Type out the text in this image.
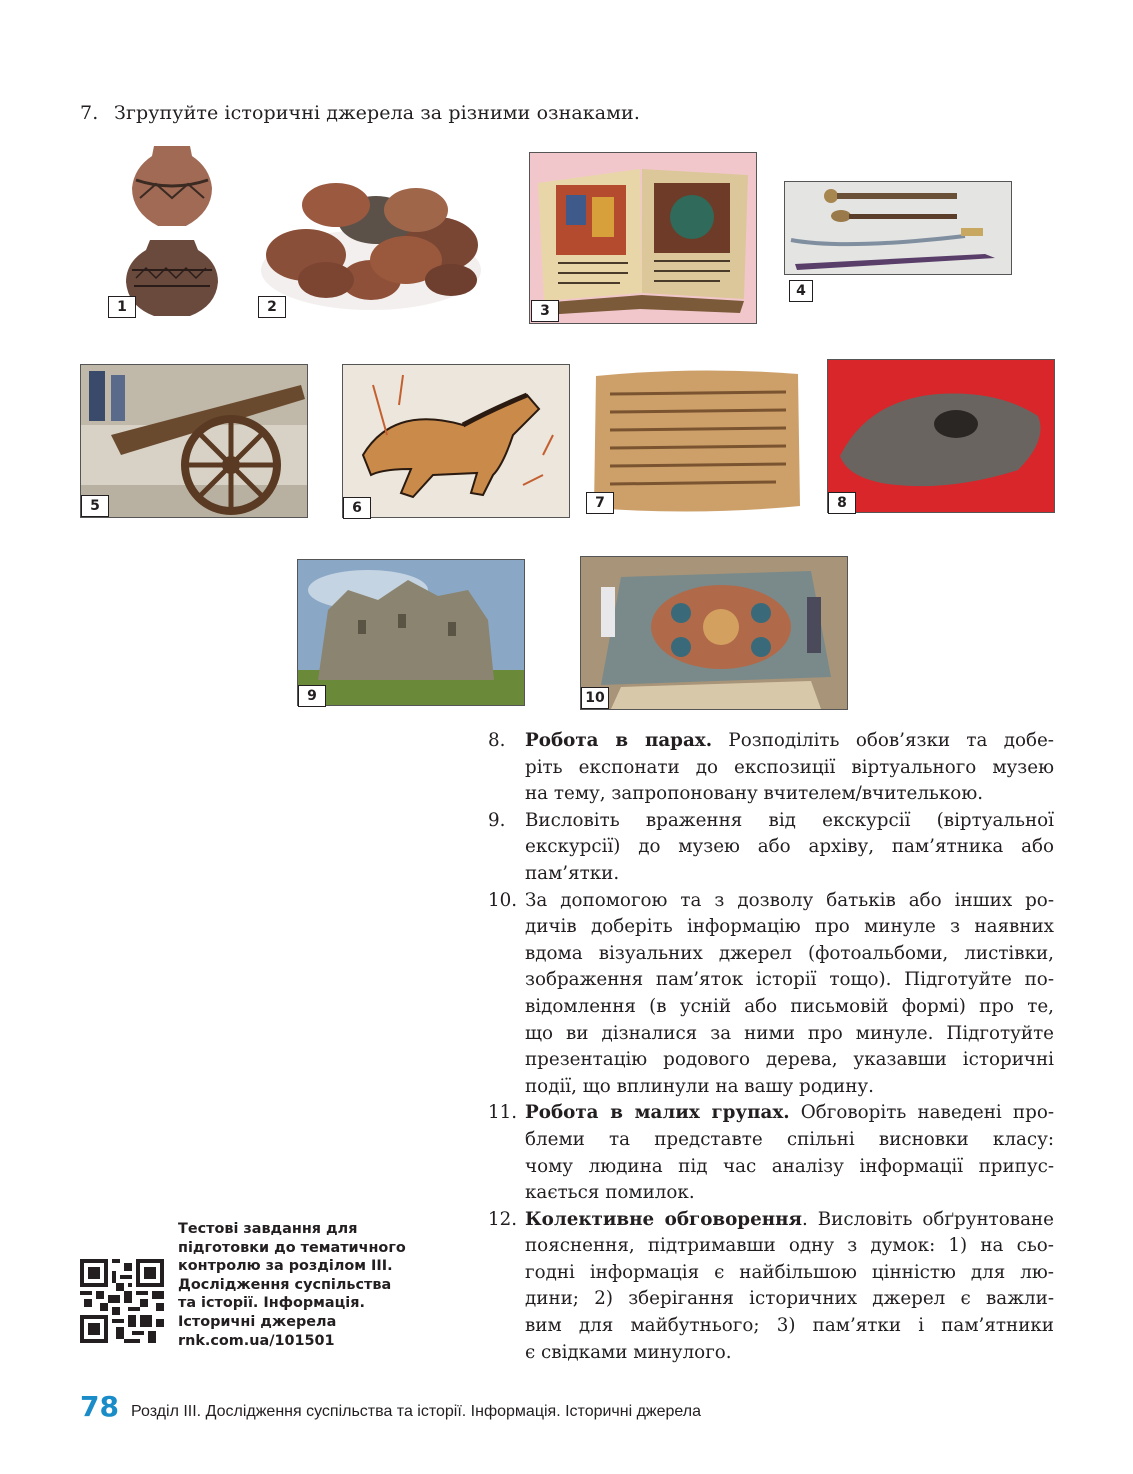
7. Згрупуйте історичні джерела за різними ознаками.
1	2	3
4
5	6	7	8
9	10
8.	Робота в парах. Розподіліть обов’язки та добе-
ріть експонати до експозиції віртуального музею
на тему, запропоновану вчителем/вчителькою.
9.	Висловіть враження від екскурсії (віртуальної
екскурсії) до музею або архіву, пам’ятника або
пам’ятки.
10. За допомогою та з дозволу батьків або інших ро-
дичів доберіть інформацію про минуле з наявних
вдома візуальних джерел (фотоальбоми, листівки,
зображення пам’яток історії тощо). Підготуйте по-
відомлення (в усній або письмовій формі) про те,
що ви дізналися за ними про минуле. Підготуйте
презентацію родового дерева, указавши історичні
події, що вплинули на вашу родину.
11. Робота в малих групах. Обговоріть наведені про-
блеми та представте спільні висновки класу:
чому людина під час аналізу інформації припус-
кається помилок.
12. Колективне обговорення. Висловіть обґрунтоване
пояснення, підтримавши одну з думок: 1) на сьо-
годні інформація є найбільшою цінністю для лю-
дини; 2) зберігання історичних джерел є важли-
вим для майбутнього; 3) пам’ятки і пам’ятники
є свідками минулого.
Тестові завдання для
підготовки до тематичного
контролю за розділом ІІІ.
Дослідження суспільства
та історії. Інформація.
Історичні джерела
rnk.com.ua/101501
78 Розділ ІІІ. Дослідження суспільства та історії. Інформація. Історичні джерела
